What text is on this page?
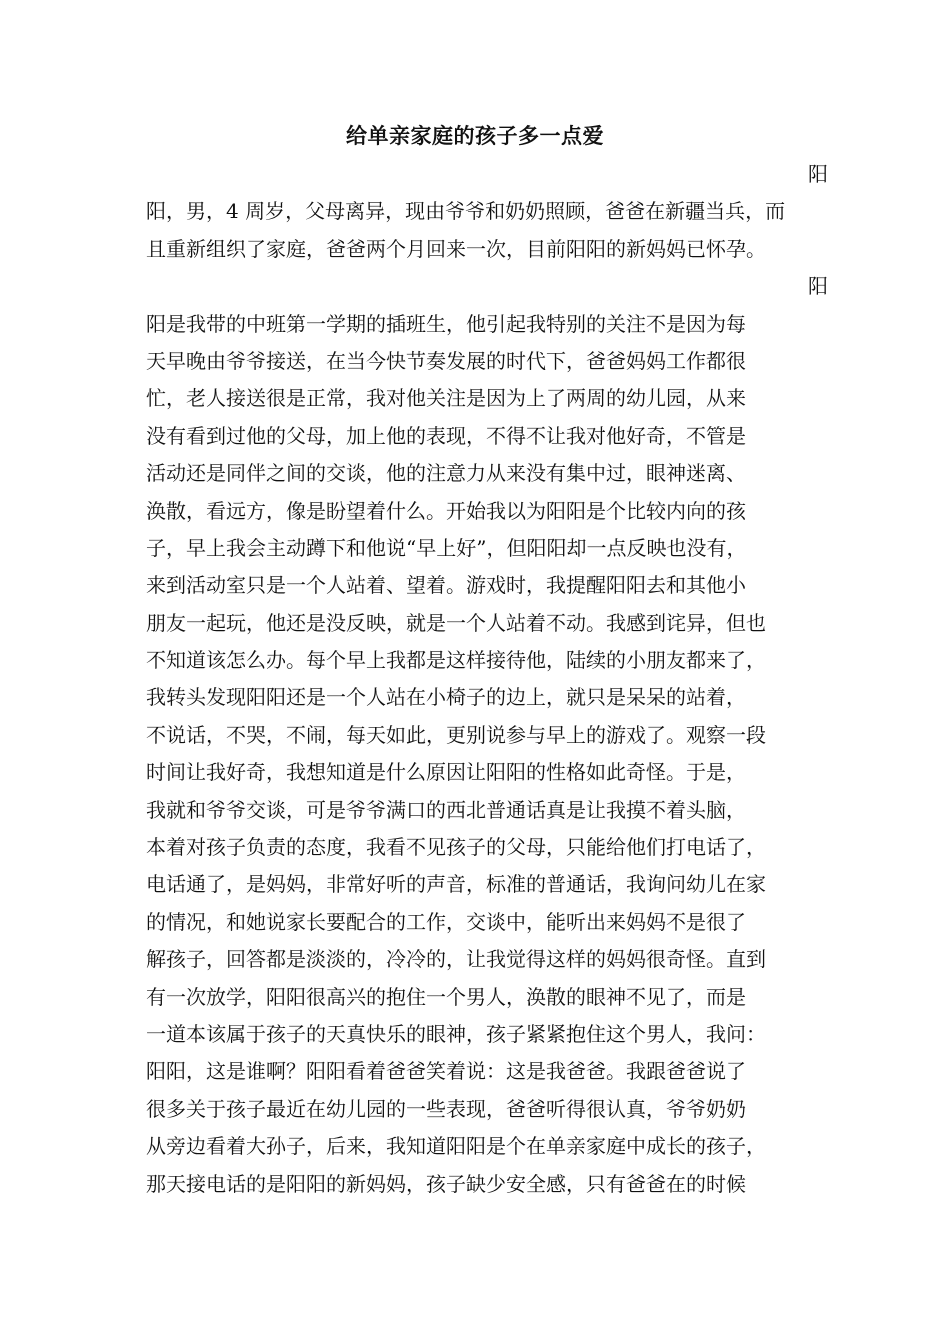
给单亲家庭的孩子多一点爱
阳
阳，男，4 周岁，父母离异，现由爷爷和奶奶照顾，爸爸在新疆当兵，而
且重新组织了家庭，爸爸两个月回来一次，目前阳阳的新妈妈已怀孕。
阳
阳是我带的中班第一学期的插班生，他引起我特别的关注不是因为每
天早晚由爷爷接送，在当今快节奏发展的时代下，爸爸妈妈工作都很
忙，老人接送很是正常，我对他关注是因为上了两周的幼儿园，从来
没有看到过他的父母，加上他的表现，不得不让我对他好奇，不管是
活动还是同伴之间的交谈，他的注意力从来没有集中过，眼神迷离、
涣散，看远方，像是盼望着什么。开始我以为阳阳是个比较内向的孩
子，早上我会主动蹲下和他说“早上好”，但阳阳却一点反映也没有，
来到活动室只是一个人站着、望着。游戏时，我提醒阳阳去和其他小
朋友一起玩，他还是没反映，就是一个人站着不动。我感到诧异，但也
不知道该怎么办。每个早上我都是这样接待他，陆续的小朋友都来了，
我转头发现阳阳还是一个人站在小椅子的边上，就只是呆呆的站着，
不说话，不哭，不闹，每天如此，更别说参与早上的游戏了。观察一段
时间让我好奇，我想知道是什么原因让阳阳的性格如此奇怪。于是，
我就和爷爷交谈，可是爷爷满口的西北普通话真是让我摸不着头脑，
本着对孩子负责的态度，我看不见孩子的父母，只能给他们打电话了，
电话通了，是妈妈，非常好听的声音，标准的普通话，我询问幼儿在家
的情况，和她说家长要配合的工作，交谈中，能听出来妈妈不是很了
解孩子，回答都是淡淡的，冷冷的，让我觉得这样的妈妈很奇怪。直到
有一次放学，阳阳很高兴的抱住一个男人，涣散的眼神不见了，而是
一道本该属于孩子的天真快乐的眼神，孩子紧紧抱住这个男人，我问：
阳阳，这是谁啊？阳阳看着爸爸笑着说：这是我爸爸。我跟爸爸说了
很多关于孩子最近在幼儿园的一些表现，爸爸听得很认真，爷爷奶奶
从旁边看着大孙子，后来，我知道阳阳是个在单亲家庭中成长的孩子，
那天接电话的是阳阳的新妈妈，孩子缺少安全感，只有爸爸在的时候
